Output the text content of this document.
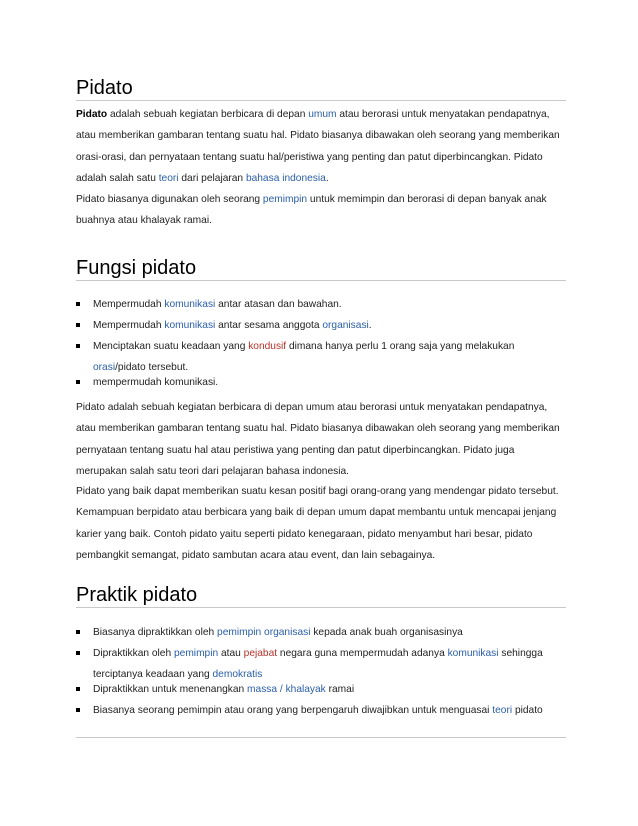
Pidato

Pidato adalah sebuah kegiatan berbicara di depan umum atau berorasi untuk menyatakan pendapatnya, atau memberikan gambaran tentang suatu hal. Pidato biasanya dibawakan oleh seorang yang memberikan orasi-orasi, dan pernyataan tentang suatu hal/peristiwa yang penting dan patut diperbincangkan. Pidato adalah salah satu teori dari pelajaran bahasa indonesia.

Pidato biasanya digunakan oleh seorang pemimpin untuk memimpin dan berorasi di depan banyak anak buahnya atau khalayak ramai.

Fungsi pidato
Mempermudah komunikasi antar atasan dan bawahan.
Mempermudah komunikasi antar sesama anggota organisasi.
Menciptakan suatu keadaan yang kondusif dimana hanya perlu 1 orang saja yang melakukan orasi/pidato tersebut.
mempermudah komunikasi.

Pidato adalah sebuah kegiatan berbicara di depan umum atau berorasi untuk menyatakan pendapatnya, atau memberikan gambaran tentang suatu hal. Pidato biasanya dibawakan oleh seorang yang memberikan pernyataan tentang suatu hal atau peristiwa yang penting dan patut diperbincangkan. Pidato juga merupakan salah satu teori dari pelajaran bahasa indonesia.

Pidato yang baik dapat memberikan suatu kesan positif bagi orang-orang yang mendengar pidato tersebut. Kemampuan berpidato atau berbicara yang baik di depan umum dapat membantu untuk mencapai jenjang karier yang baik. Contoh pidato yaitu seperti pidato kenegaraan, pidato menyambut hari besar, pidato pembangkit semangat, pidato sambutan acara atau event, dan lain sebagainya.

Praktik pidato
Biasanya dipraktikkan oleh pemimpin organisasi kepada anak buah organisasinya
Dipraktikkan oleh pemimpin atau pejabat negara guna mempermudah adanya komunikasi sehingga terciptanya keadaan yang demokratis
Dipraktikkan untuk menenangkan massa / khalayak ramai
Biasanya seorang pemimpin atau orang yang berpengaruh diwajibkan untuk menguasai teori pidato
